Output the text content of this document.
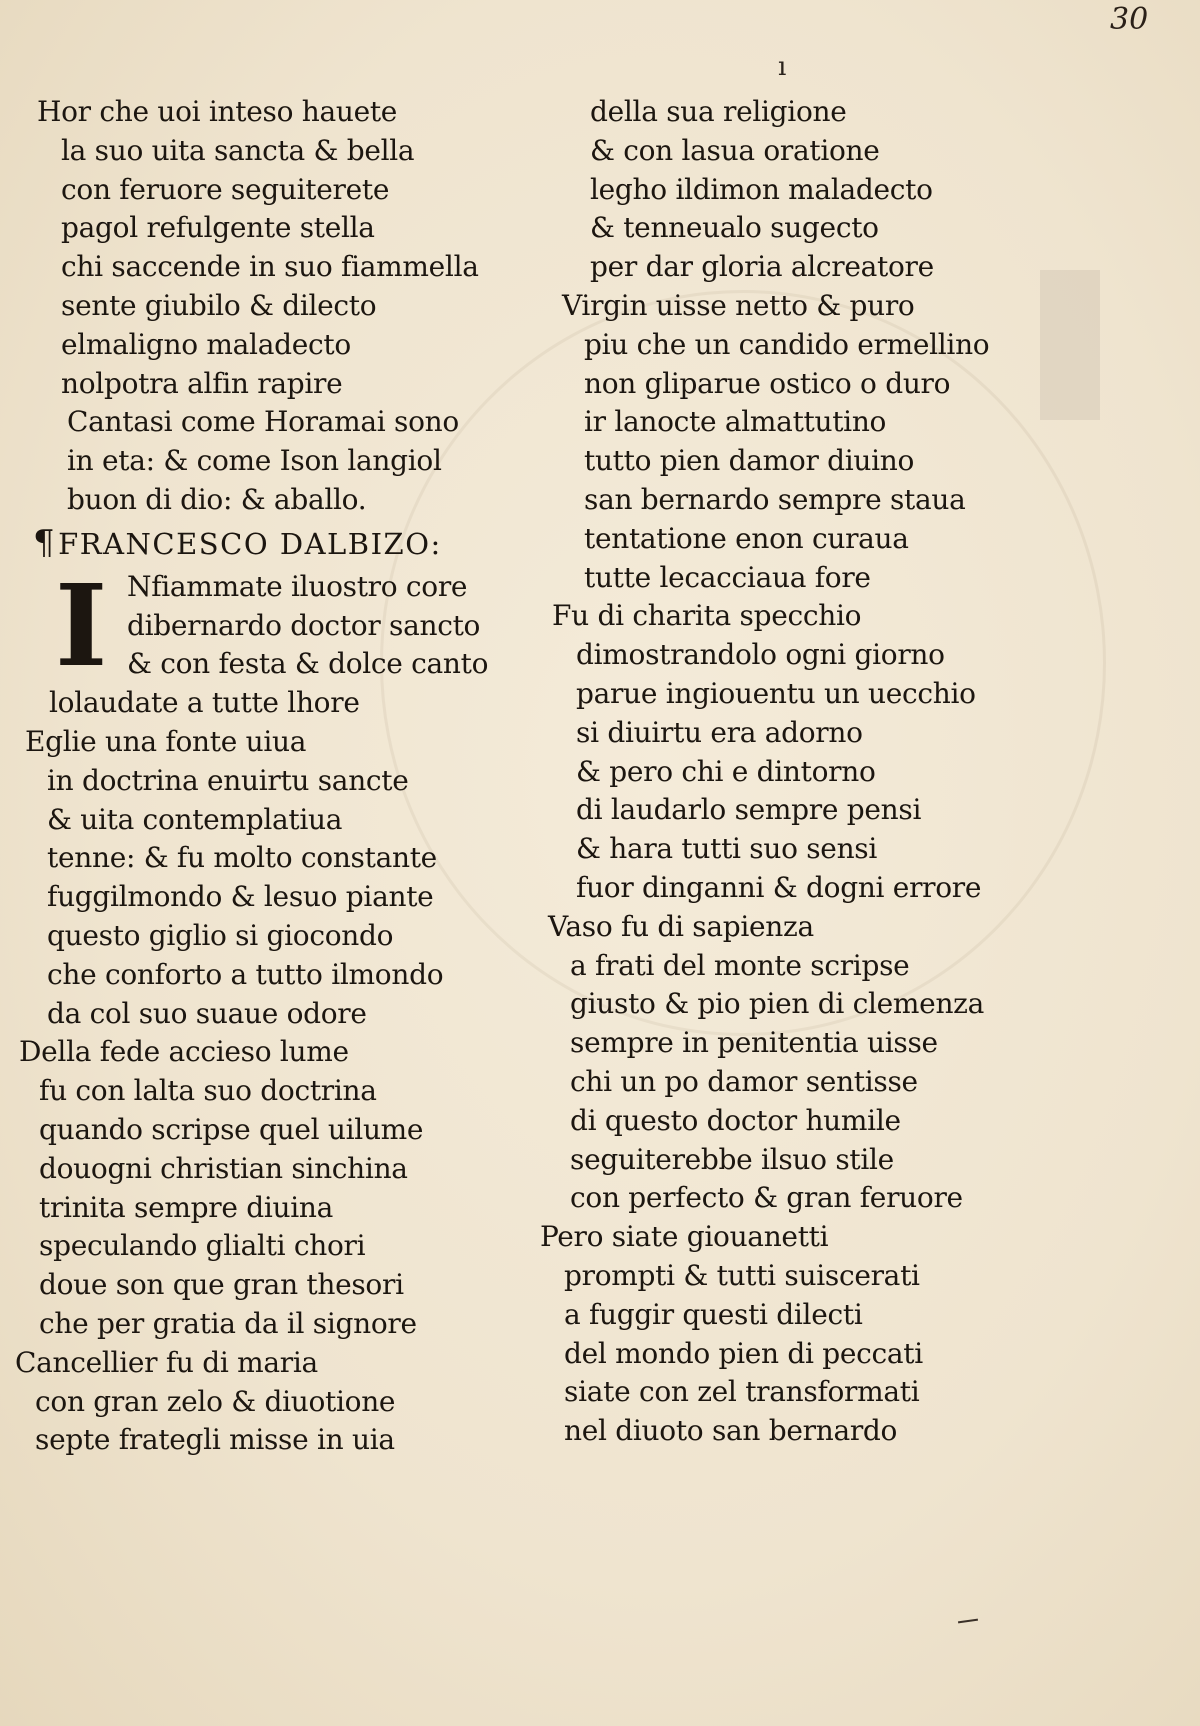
30
ı
Hor che uoi inteso hauete
la suo uita sancta & bella
con feruore seguiterete
pagol refulgente stella
chi saccende in suo fiammella
sente giubilo & dilecto
elmaligno maladecto
nolpotra alfin rapire
Cantasi come Horamai sono
in eta: & come Ison langiol
buon di dio: & aballo.
¶FRANCESCO DALBIZO:
I Nfiammate iluostro core
dibernardo doctor sancto
& con festa & dolce canto
lolaudate a tutte lhore
Eglie una fonte uiua
in doctrina enuirtu sancte
& uita contemplatiua
tenne: & fu molto constante
fuggilmondo & lesuo piante
questo giglio si giocondo
che conforto a tutto ilmondo
da col suo suaue odore
Della fede acciesо lume
fu con lalta suo doctrina
quando scripse quel uilume
douogni christian sinchina
trinita sempre diuina
speculando glialti chori
doue son que gran thesori
che per gratia da il signore
Cancellier fu di maria
con gran zelo & diuotione
septe frategli misse in uia
della sua religione
& con lasua oratione
legho ildimon maladecto
& tenneualo sugecto
per dar gloria alcreatore
Virgin uisse netto & puro
piu che un candido ermellino
non gliparue ostico o duro
ir lanocte almattutino
tutto pien damor diuino
san bernardo sempre staua
tentatione enon curaua
tutte lecacciaua fore
Fu di charita specchio
dimostrandolo ogni giorno
parue ingiouentu un uecchio
si diuirtu era adorno
& pero chi e dintorno
di laudarlo sempre pensi
& hara tutti suo sensi
fuor dinganni & dogni errore
Vaso fu di sapienza
a frati del monte scripse
giusto & pio pien di clemenza
sempre in penitentia uisse
chi un po damor sentisse
di questo doctor humile
seguiterebbe ilsuo stile
con perfecto & gran feruore
Pero siate giouanetti
prompti & tutti suisceratі
a fuggir questi dilecti
del mondo pien di peccati
siate con zel transformati
nel diuoto san bernardo
